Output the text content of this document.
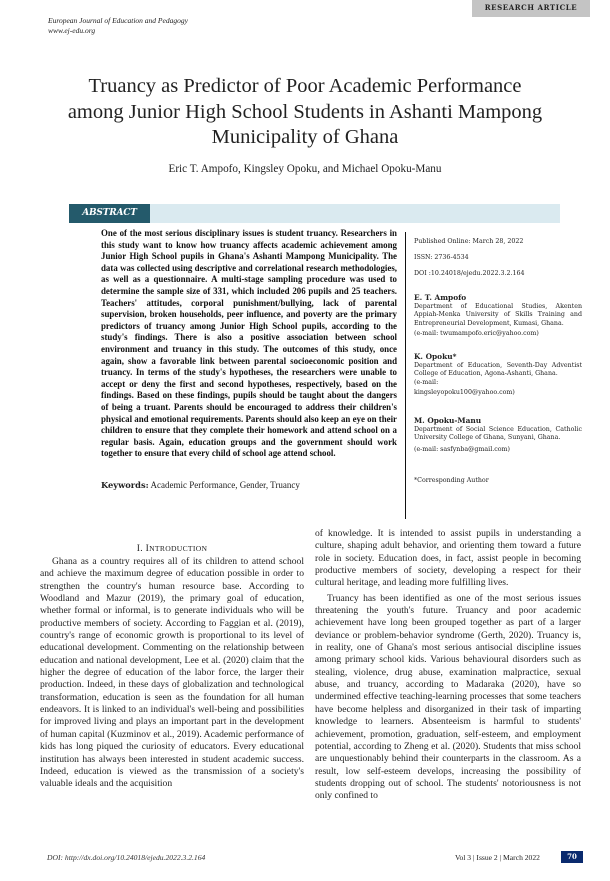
RESEARCH ARTICLE
European Journal of Education and Pedagogy
www.ej-edu.org
Truancy as Predictor of Poor Academic Performance among Junior High School Students in Ashanti Mampong Municipality of Ghana
Eric T. Ampofo, Kingsley Opoku, and Michael Opoku-Manu
ABSTRACT
One of the most serious disciplinary issues is student truancy. Researchers in this study want to know how truancy affects academic achievement among Junior High School pupils in Ghana's Ashanti Mampong Municipality. The data was collected using descriptive and correlational research methodologies, as well as a questionnaire. A multi-stage sampling procedure was used to determine the sample size of 331, which included 206 pupils and 25 teachers. Teachers' attitudes, corporal punishment/bullying, lack of parental supervision, broken households, peer influence, and poverty are the primary predictors of truancy among Junior High School pupils, according to the study's findings. There is also a positive association between school environment and truancy in this study. The outcomes of this study, once again, show a favorable link between parental socioeconomic position and truancy. In terms of the study's hypotheses, the researchers were unable to accept or deny the first and second hypotheses, respectively, based on the findings. Based on these findings, pupils should be taught about the dangers of being a truant. Parents should be encouraged to address their children's physical and emotional requirements. Parents should also keep an eye on their children to ensure that they complete their homework and attend school on a regular basis. Again, education groups and the government should work together to ensure that every child of school age attend school.
Published Online: March 28, 2022
ISSN: 2736-4534
DOI :10.24018/ejedu.2022.3.2.164
E. T. Ampofo
Department of Educational Studies, Akenten Appiah-Menka University of Skills Training and Entrepreneurial Development, Kumasi, Ghana.
(e-mail: twumampofo.eric@yahoo.com)
K. Opoku*
Department of Education, Seventh-Day Adventist College of Education, Agona-Ashanti, Ghana.
(e-mail:
kingsleyopoku100@yahoo.com)
M. Opoku-Manu
Department of Social Science Education, Catholic University College of Ghana, Sunyani, Ghana.
(e-mail: sasfynba@gmail.com)
*Corresponding Author
Keywords: Academic Performance, Gender, Truancy
I. INTRODUCTION

Ghana as a country requires all of its children to attend school and achieve the maximum degree of education possible in order to strengthen the country's human resource base. According to Woodland and Mazur (2019), the primary goal of education, whether formal or informal, is to generate individuals who will be productive members of society. According to Faggian et al. (2019), country's range of economic growth is proportional to its level of educational development. Commenting on the relationship between education and national development, Lee et al. (2020) claim that the higher the degree of education of the labor force, the larger their production. Indeed, in these days of globalization and technological transformation, education is seen as the foundation for all human endeavors. It is linked to an individual's well-being and possibilities for improved living and plays an important part in the development of human capital (Kuzminov et al., 2019). Academic performance of kids has long piqued the curiosity of educators. Every educational institution has always been interested in student academic success. Indeed, education is viewed as the transmission of a society's valuable ideals and the acquisition

of knowledge. It is intended to assist pupils in understanding a culture, shaping adult behavior, and orienting them toward a future role in society. Education does, in fact, assist people in becoming productive members of society, developing a respect for their cultural heritage, and leading more fulfilling lives.

Truancy has been identified as one of the most serious issues threatening the youth's future. Truancy and poor academic achievement have long been grouped together as part of a larger deviance or problem-behavior syndrome (Gerth, 2020). Truancy is, in reality, one of Ghana's most serious antisocial discipline issues among primary school kids. Various behavioural disorders such as stealing, violence, drug abuse, examination malpractice, sexual abuse, and truancy, according to Madaraka (2020), have so undermined effective teaching-learning processes that some teachers have become helpless and disorganized in their task of imparting knowledge to learners. Absenteeism is harmful to students' achievement, promotion, graduation, self-esteem, and employment potential, according to Zheng et al. (2020). Students that miss school are unquestionably behind their counterparts in the classroom. As a result, low self-esteem develops, increasing the possibility of students dropping out of school. The students' notoriousness is not only confined to

DOI: http://dx.doi.org/10.24018/ejedu.2022.3.2.164	Vol 3 | Issue 2 | March 2022	70
